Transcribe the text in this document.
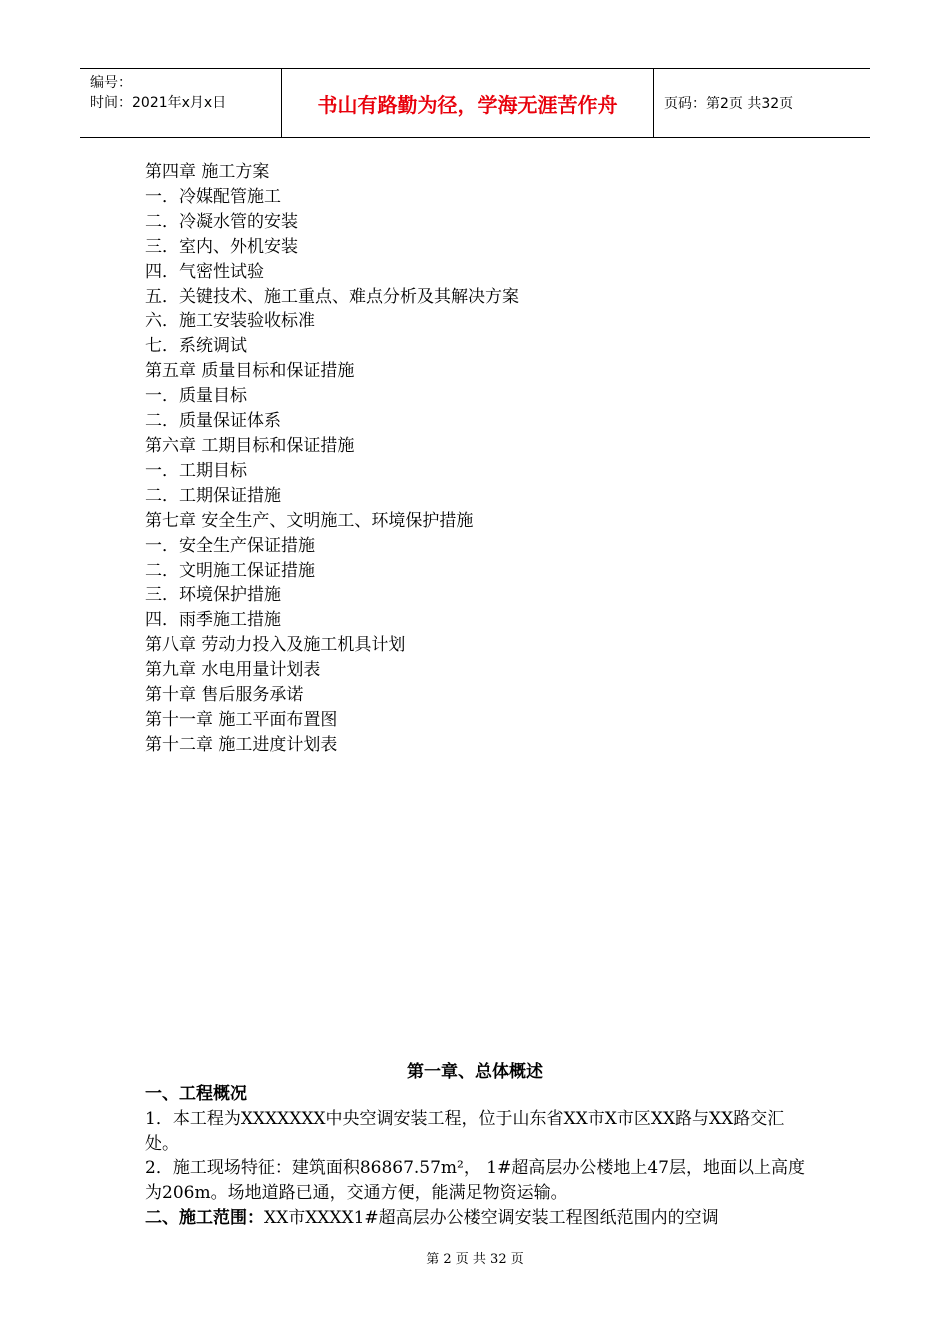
编号：
时间：2021年x月x日	书山有路勤为径，学海无涯苦作舟	页码：第2页 共32页
第四章 施工方案
一．冷媒配管施工
二．冷凝水管的安装
三．室内、外机安装
四．气密性试验
五．关键技术、施工重点、难点分析及其解决方案
六．施工安装验收标准
七．系统调试
第五章 质量目标和保证措施
一．质量目标
二．质量保证体系
第六章 工期目标和保证措施
一．工期目标
二．工期保证措施
第七章 安全生产、文明施工、环境保护措施
一．安全生产保证措施
二．文明施工保证措施
三．环境保护措施
四．雨季施工措施
第八章 劳动力投入及施工机具计划
第九章 水电用量计划表
第十章 售后服务承诺
第十一章 施工平面布置图
第十二章 施工进度计划表
第一章、总体概述
一、工程概况
1．本工程为XXXXXXX中央空调安装工程，位于山东省XX市X市区XX路与XX路交汇处。
2．施工现场特征：建筑面积86867.57m²， 1#超高层办公楼地上47层，地面以上高度为206m。场地道路已通，交通方便，能满足物资运输。
二、施工范围：XX市XXXX1#超高层办公楼空调安装工程图纸范围内的空调
第 2 页 共 32 页
